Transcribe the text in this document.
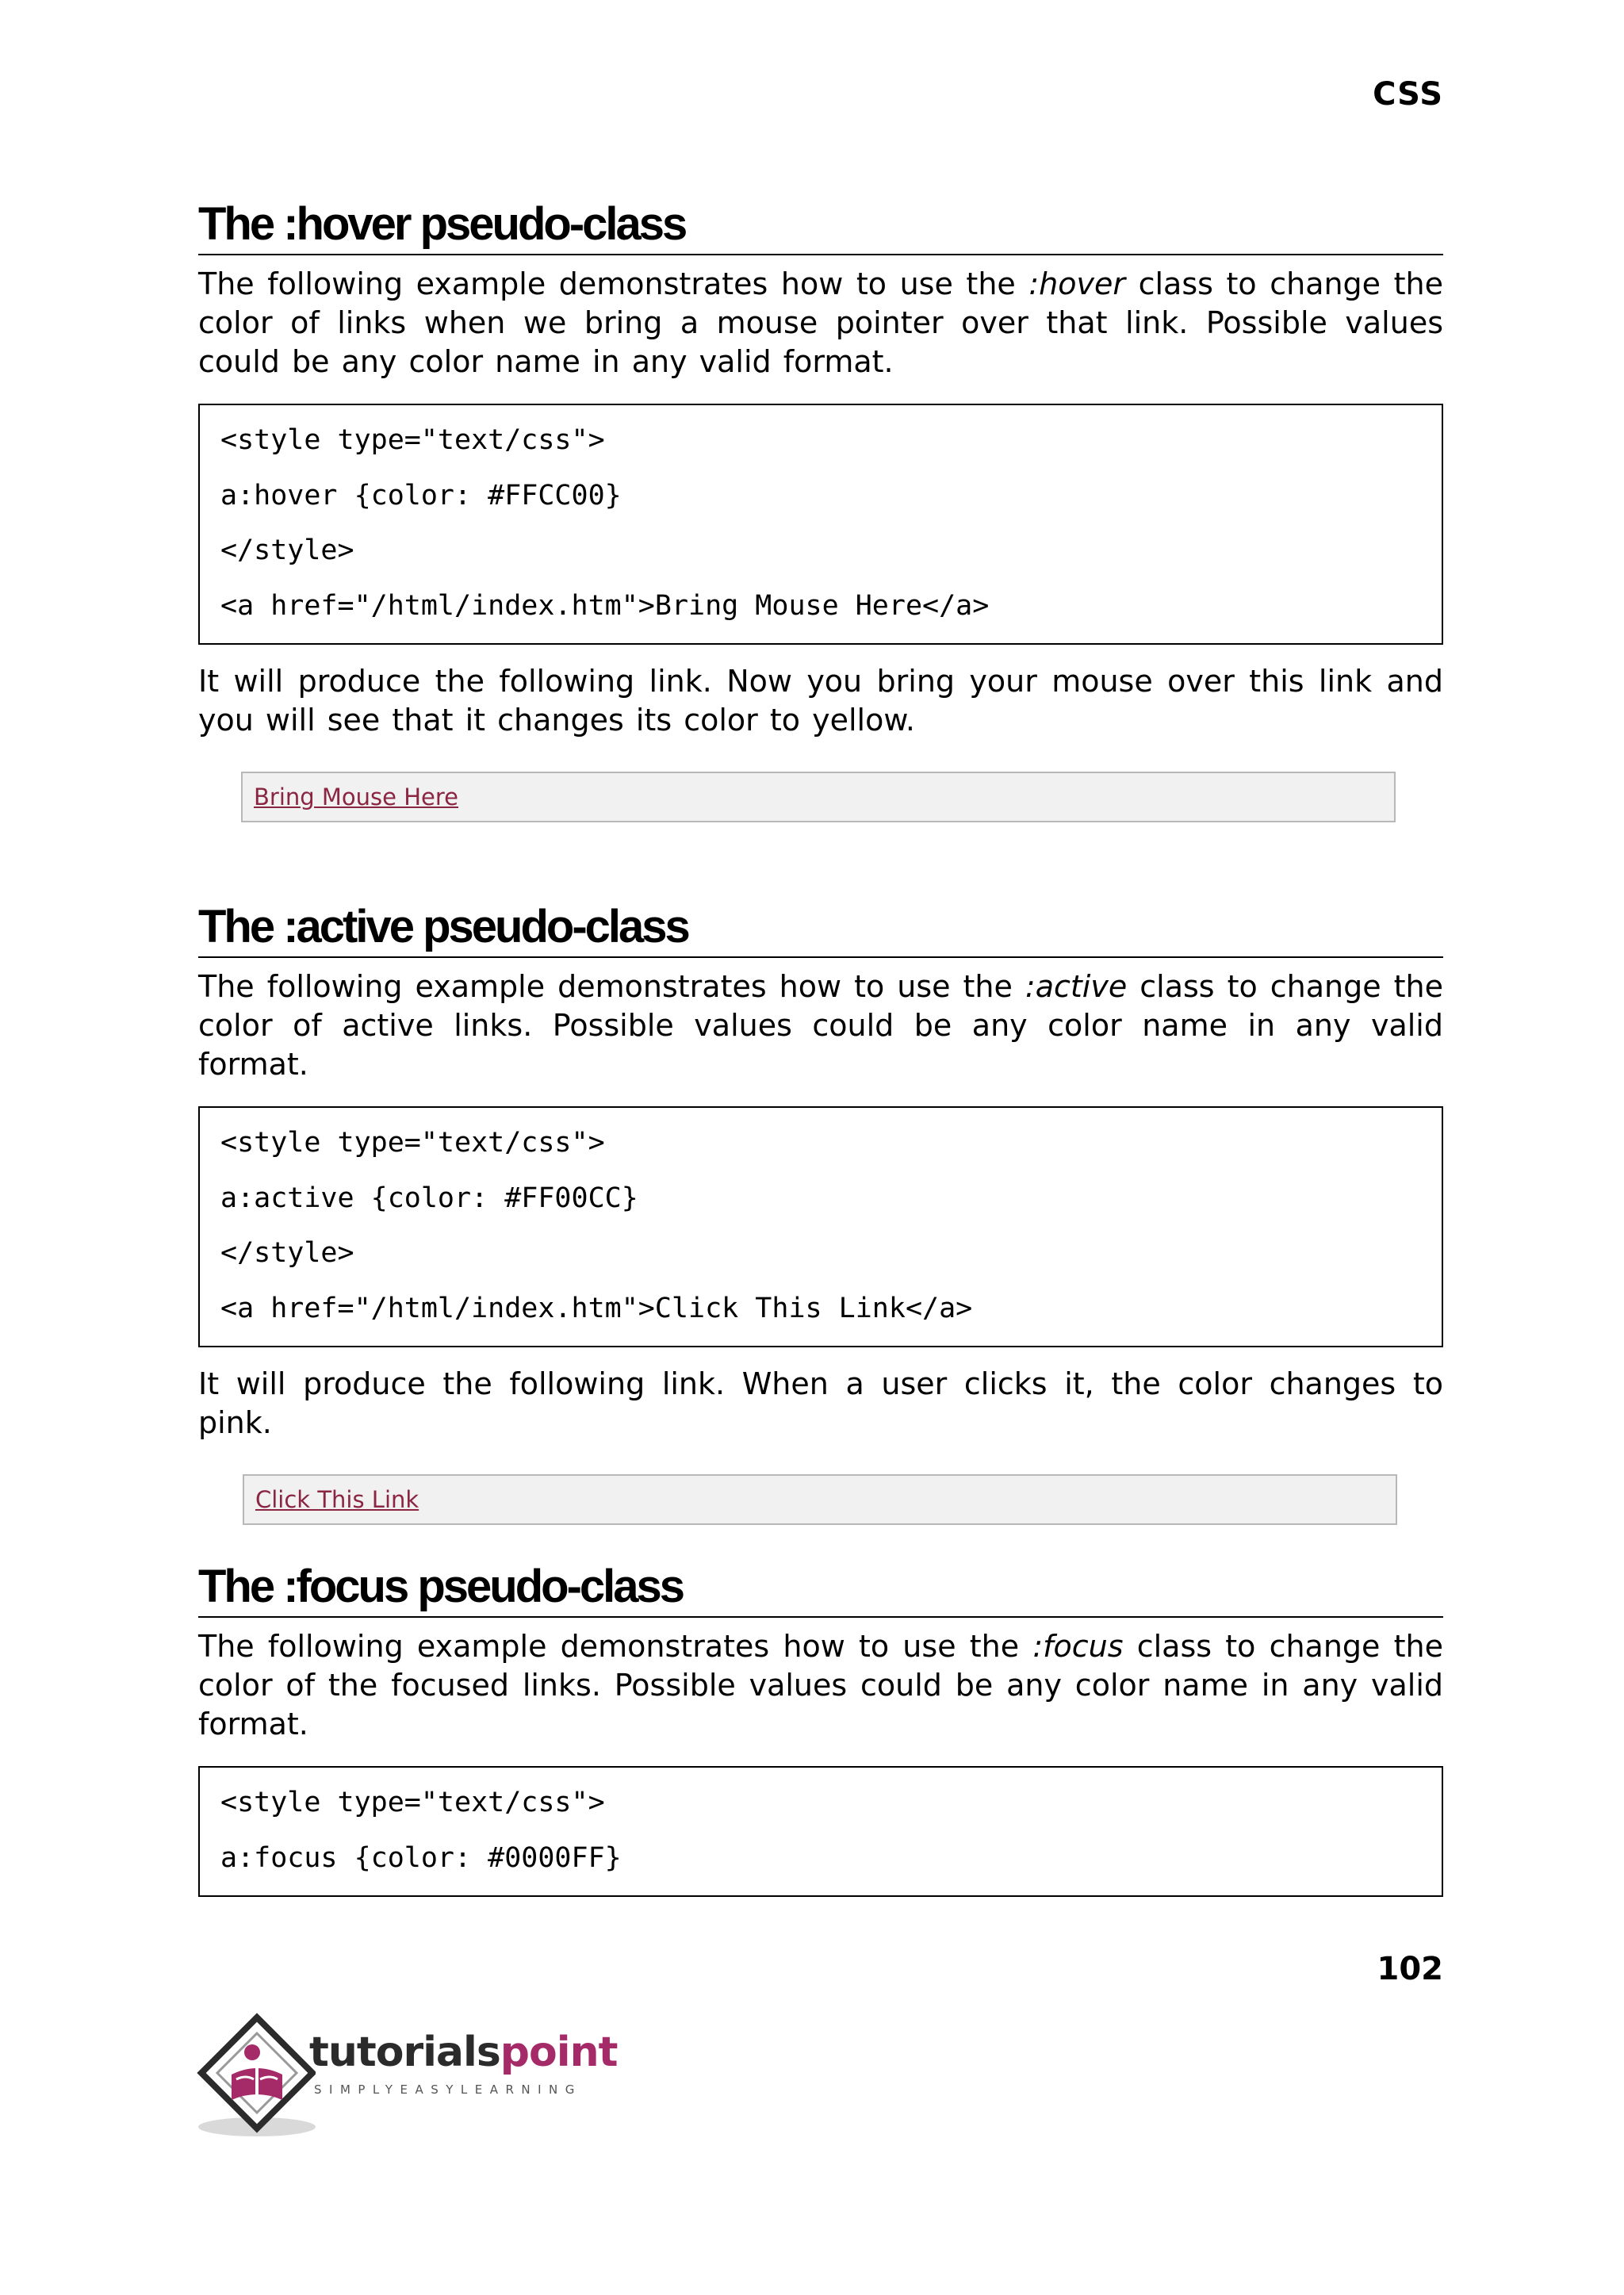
CSS
The :hover pseudo-class

The following example demonstrates how to use the :hover class to change the color of links when we bring a mouse pointer over that link. Possible values could be any color name in any valid format.

<style type="text/css">
a:hover {color: #FFCC00}
</style>
<a href="/html/index.htm">Bring Mouse Here</a>

It will produce the following link. Now you bring your mouse over this link and you will see that it changes its color to yellow.

Bring Mouse Here
The :active pseudo-class

The following example demonstrates how to use the :active class to change the color of active links. Possible values could be any color name in any valid format.

<style type="text/css">
a:active {color: #FF00CC}
</style>
<a href="/html/index.htm">Click This Link</a>

It will produce the following link. When a user clicks it, the color changes to pink.

Click This Link
The :focus pseudo-class

The following example demonstrates how to use the :focus class to change the color of the focused links. Possible values could be any color name in any valid format.

<style type="text/css">
a:focus {color: #0000FF}
102
tutorialspoint
SIMPLYEASYLEARNING
